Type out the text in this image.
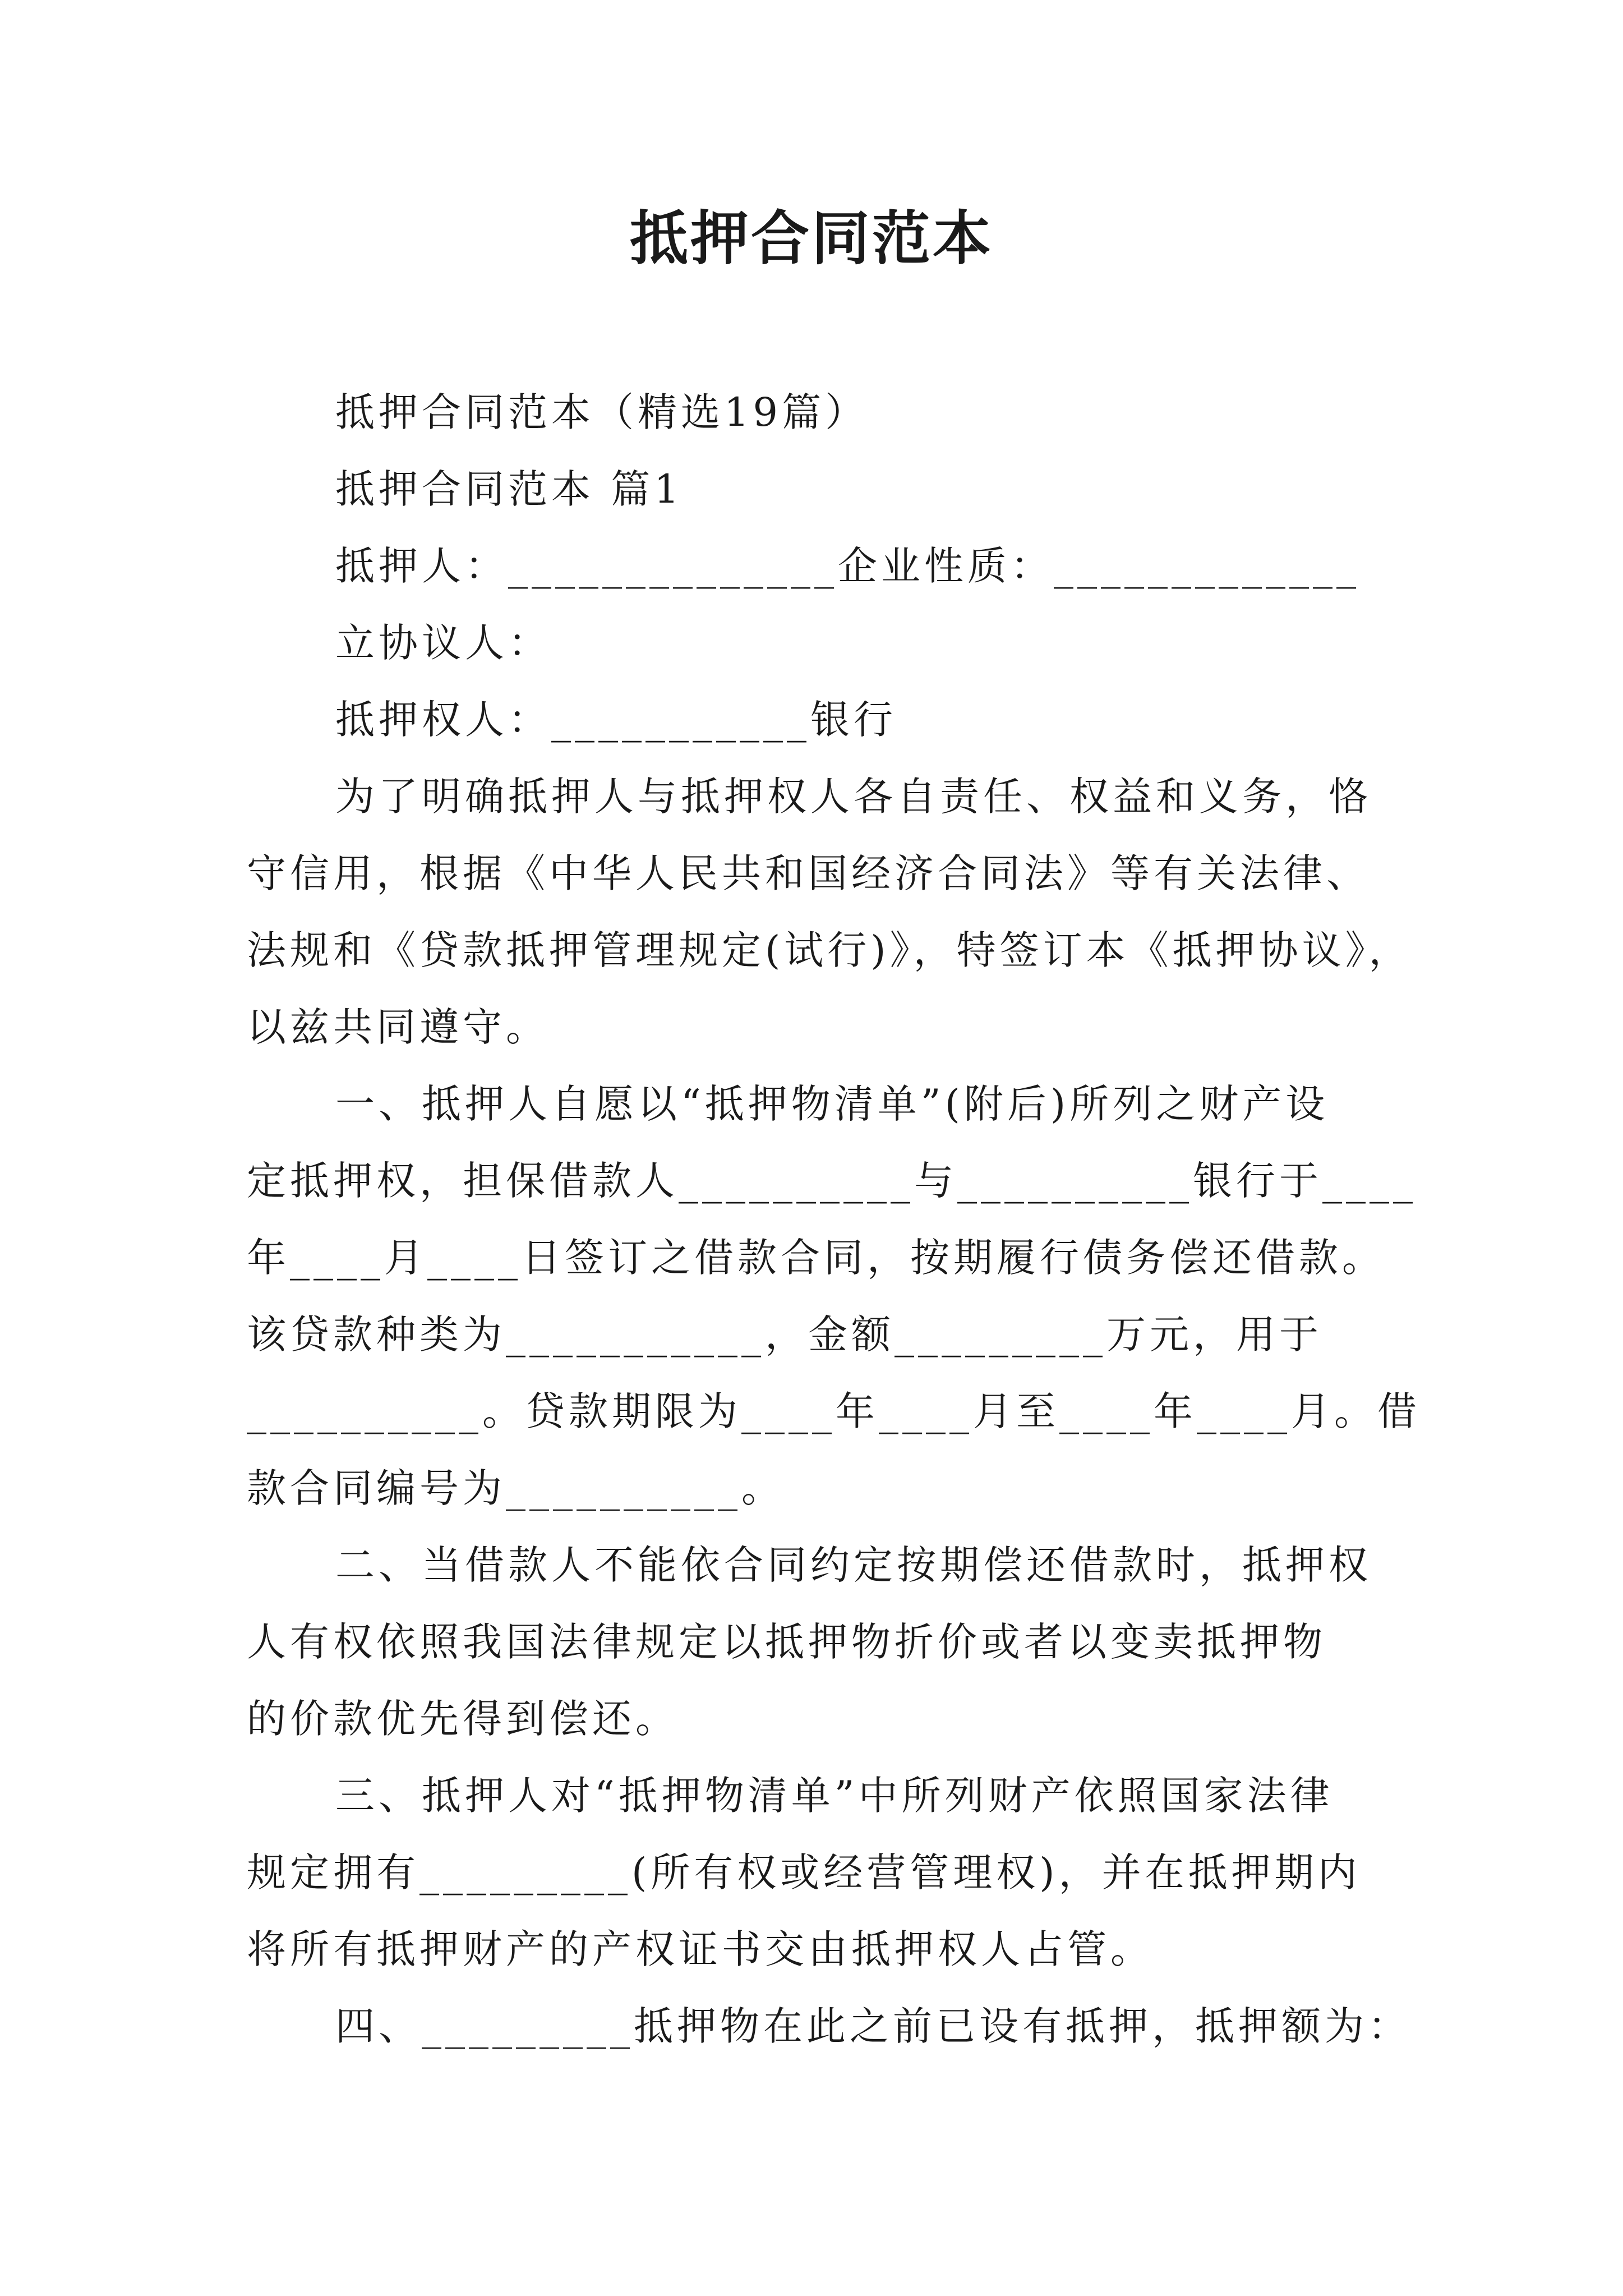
抵押合同范本
抵押合同范本（精选19篇）
抵押合同范本 篇1
抵押人：______________企业性质：_____________
立协议人：
抵押权人：___________银行
为了明确抵押人与抵押权人各自责任、权益和义务，恪
守信用，根据《中华人民共和国经济合同法》等有关法律、
法规和《贷款抵押管理规定(试行)》，特签订本《抵押协议》，
以兹共同遵守。
一、抵押人自愿以“抵押物清单”(附后)所列之财产设
定抵押权，担保借款人__________与__________银行于____
年____月____日签订之借款合同，按期履行债务偿还借款。
该贷款种类为___________，金额_________万元，用于
__________。贷款期限为____年____月至____年____月。借
款合同编号为__________。
二、当借款人不能依合同约定按期偿还借款时，抵押权
人有权依照我国法律规定以抵押物折价或者以变卖抵押物
的价款优先得到偿还。
三、抵押人对“抵押物清单”中所列财产依照国家法律
规定拥有_________(所有权或经营管理权)，并在抵押期内
将所有抵押财产的产权证书交由抵押权人占管。
四、_________抵押物在此之前已设有抵押，抵押额为：
